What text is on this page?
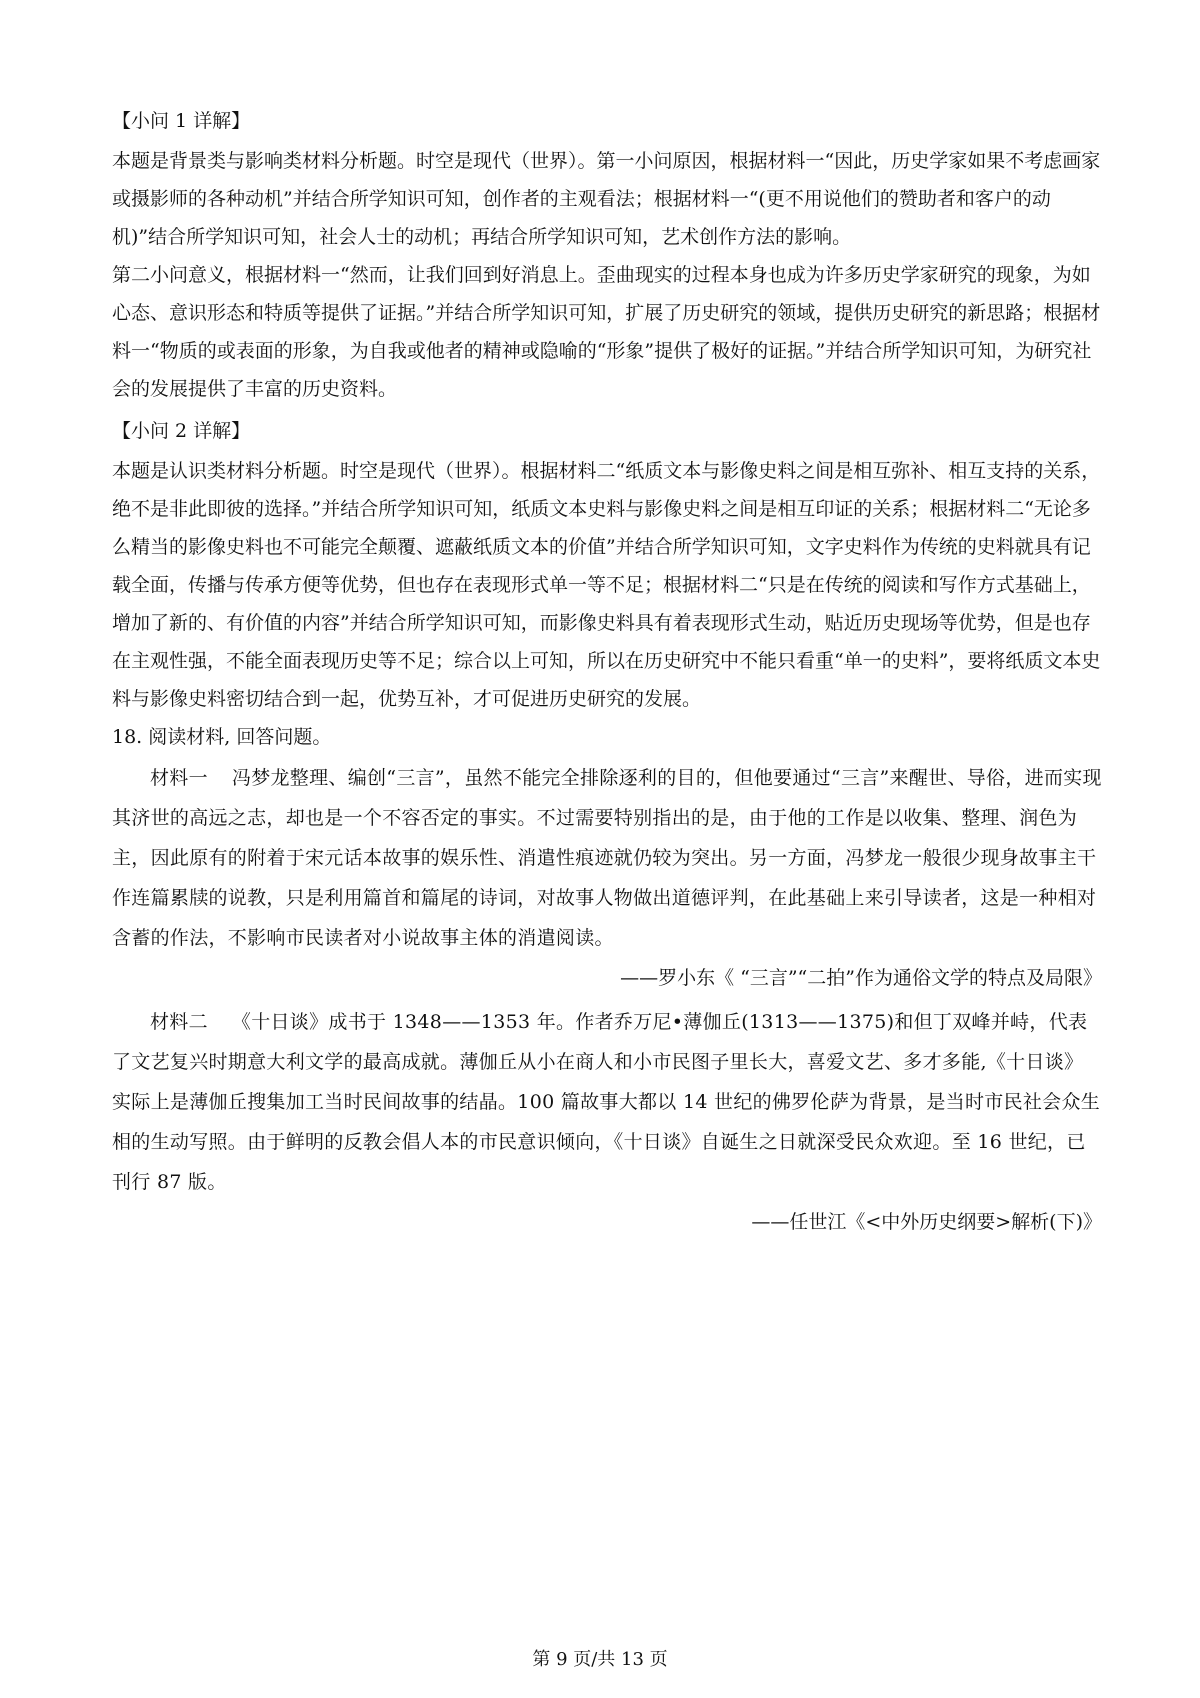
【小问 1 详解】

本题是背景类与影响类材料分析题。时空是现代（世界）。第一小问原因，根据材料一“因此，历史学家如果不考虑画家或摄影师的各种动机”并结合所学知识可知，创作者的主观看法；根据材料一“(更不用说他们的赞助者和客户的动机)”结合所学知识可知，社会人士的动机；再结合所学知识可知，艺术创作方法的影响。

第二小问意义，根据材料一“然而，让我们回到好消息上。歪曲现实的过程本身也成为许多历史学家研究的现象，为如心态、意识形态和特质等提供了证据。”并结合所学知识可知，扩展了历史研究的领域，提供历史研究的新思路；根据材料一“物质的或表面的形象，为自我或他者的精神或隐喻的“形象”提供了极好的证据。”并结合所学知识可知，为研究社会的发展提供了丰富的历史资料。

【小问 2 详解】

本题是认识类材料分析题。时空是现代（世界）。根据材料二“纸质文本与影像史料之间是相互弥补、相互支持的关系，绝不是非此即彼的选择。”并结合所学知识可知，纸质文本史料与影像史料之间是相互印证的关系；根据材料二“无论多么精当的影像史料也不可能完全颠覆、遮蔽纸质文本的价值”并结合所学知识可知，文字史料作为传统的史料就具有记载全面，传播与传承方便等优势，但也存在表现形式单一等不足；根据材料二“只是在传统的阅读和写作方式基础上，增加了新的、有价值的内容”并结合所学知识可知，而影像史料具有着表现形式生动，贴近历史现场等优势，但是也存在主观性强，不能全面表现历史等不足；综合以上可知，所以在历史研究中不能只看重“单一的史料”，要将纸质文本史料与影像史料密切结合到一起，优势互补，才可促进历史研究的发展。

18. 阅读材料, 回答问题。

材料一 冯梦龙整理、编创“三言”，虽然不能完全排除逐利的目的，但他要通过“三言”来醒世、导俗，进而实现其济世的高远之志，却也是一个不容否定的事实。不过需要特别指出的是，由于他的工作是以收集、整理、润色为主，因此原有的附着于宋元话本故事的娱乐性、消遣性痕迹就仍较为突出。另一方面，冯梦龙一般很少现身故事主干作连篇累牍的说教，只是利用篇首和篇尾的诗词，对故事人物做出道德评判，在此基础上来引导读者，这是一种相对含蓄的作法，不影响市民读者对小说故事主体的消遣阅读。

——罗小东《 “三言”“二拍”作为通俗文学的特点及局限》

材料二 《十日谈》成书于 1348——1353 年。作者乔万尼•薄伽丘(1313——1375)和但丁双峰并峙，代表了文艺复兴时期意大利文学的最高成就。薄伽丘从小在商人和小市民图子里长大，喜爱文艺、多才多能,《十日谈》实际上是薄伽丘搜集加工当时民间故事的结晶。100 篇故事大都以 14 世纪的佛罗伦萨为背景，是当时市民社会众生相的生动写照。由于鲜明的反教会倡人本的市民意识倾向，《十日谈》自诞生之日就深受民众欢迎。至 16 世纪，已刊行 87 版。

——任世江《<中外历史纲要>解析(下)》

第 9 页/共 13 页
